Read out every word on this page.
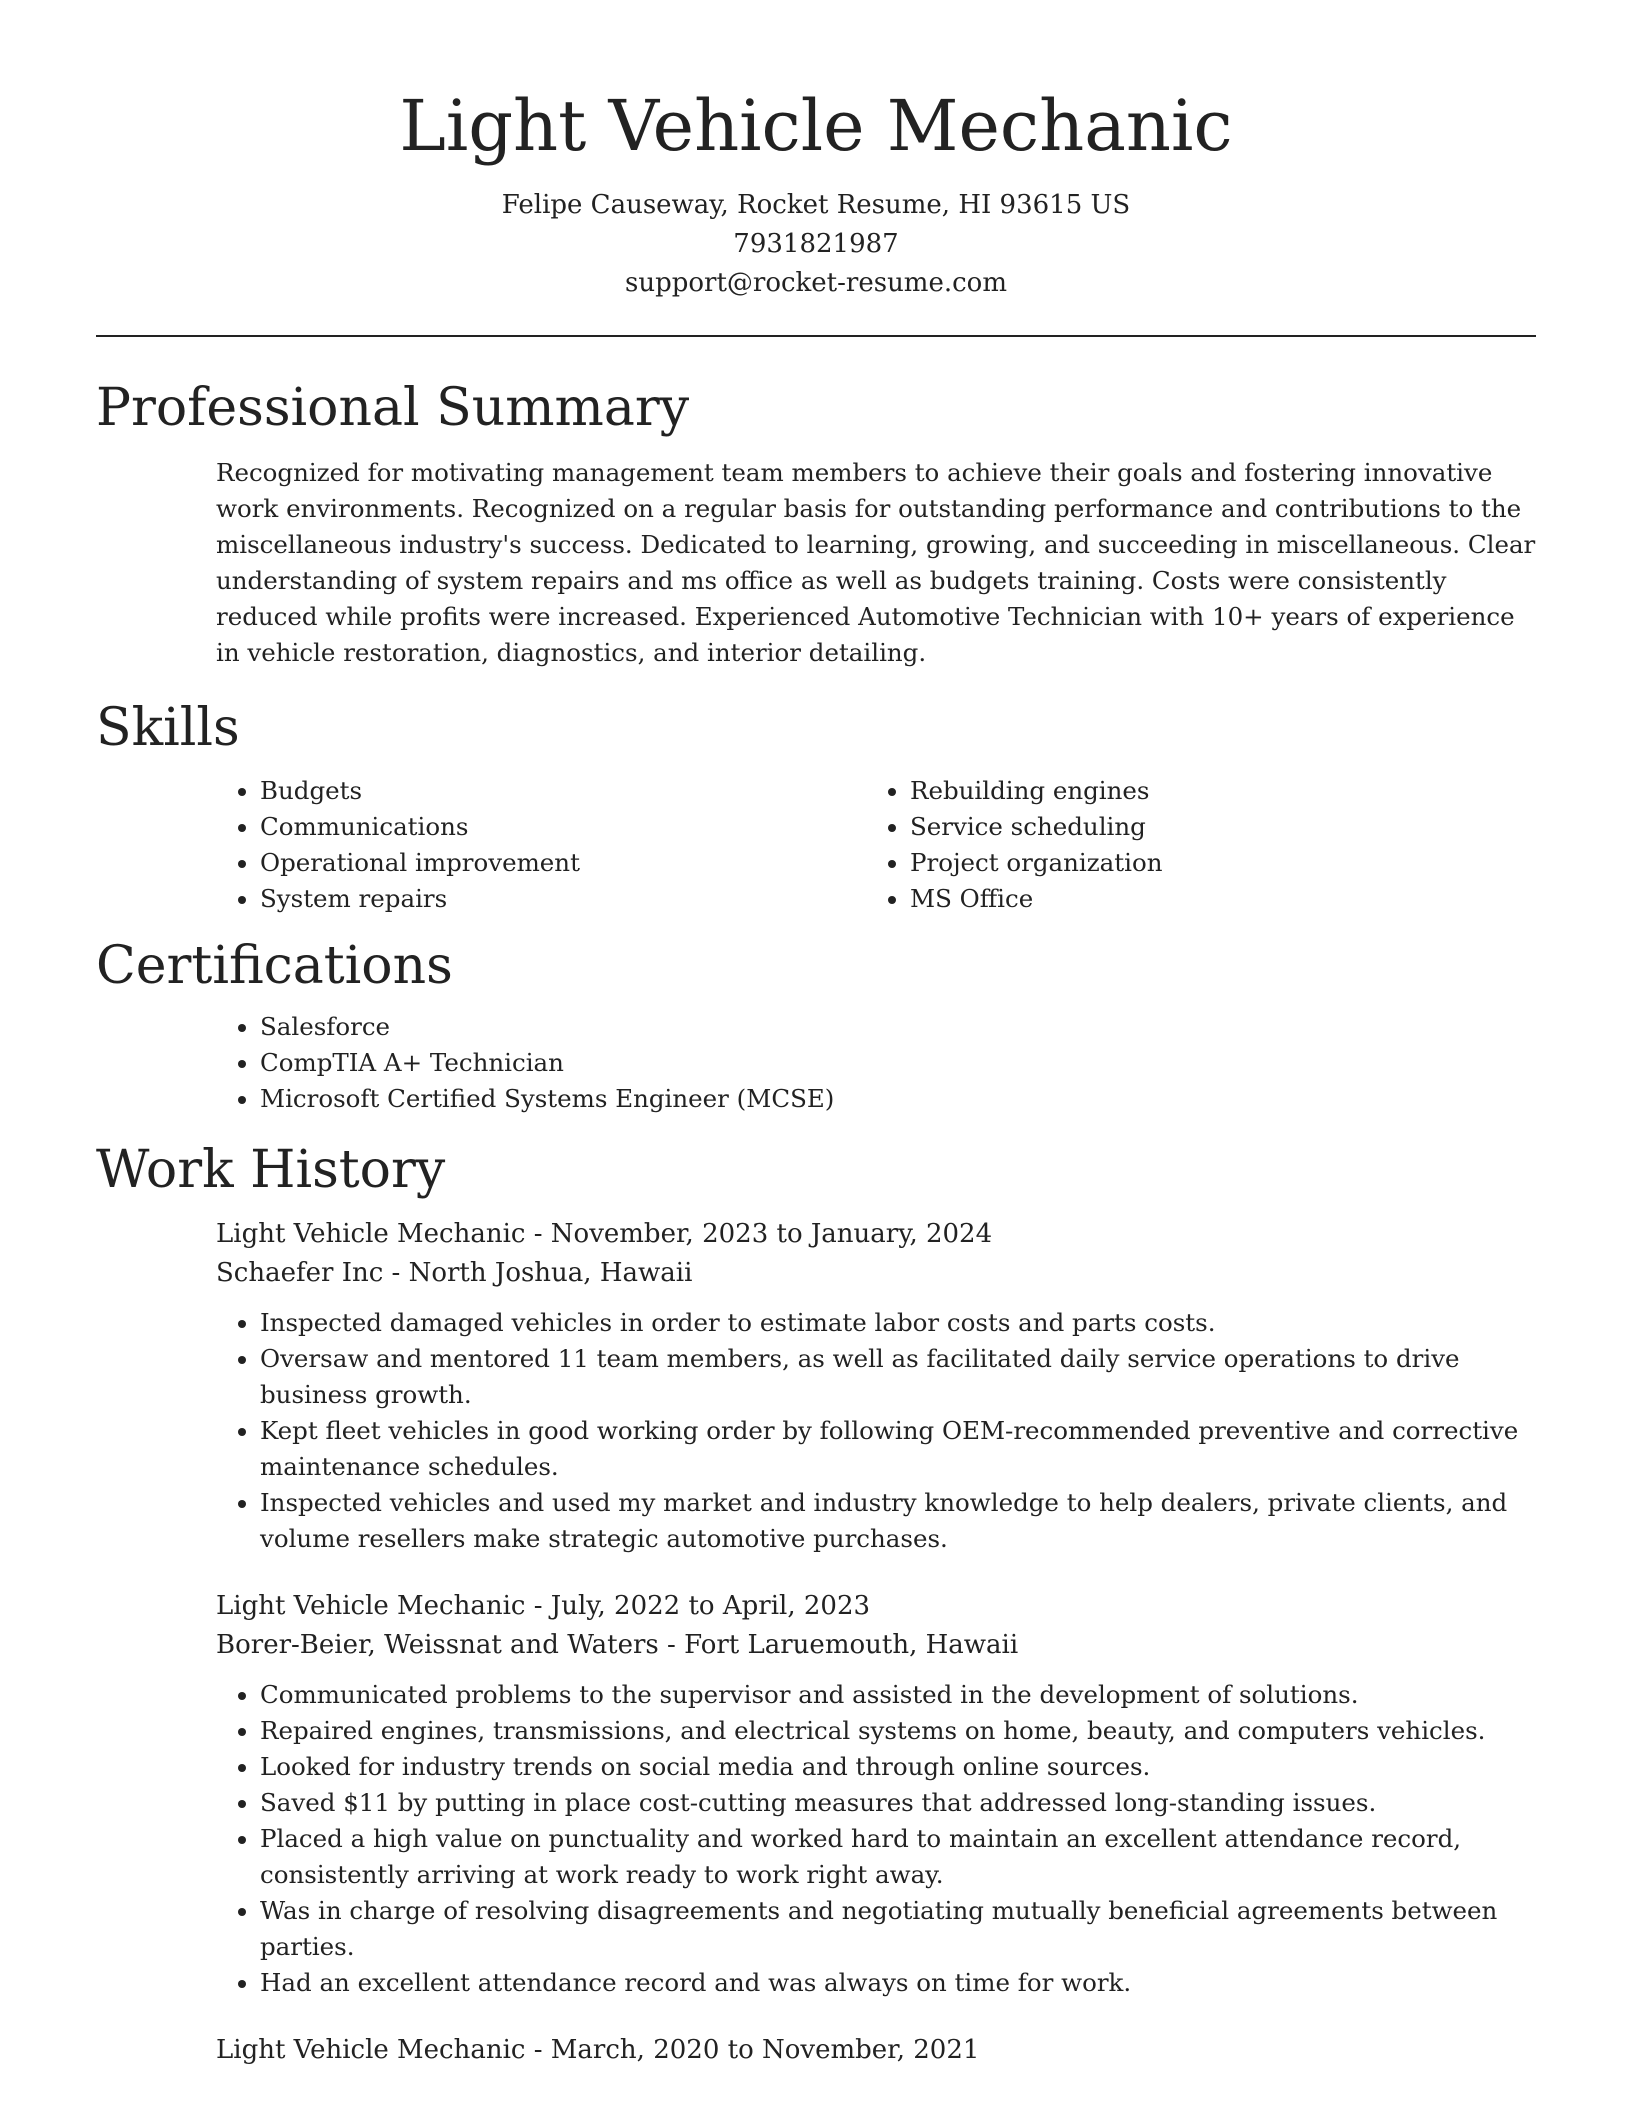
Light Vehicle Mechanic
Felipe Causeway, Rocket Resume, HI 93615 US
7931821987
support@rocket-resume.com
Professional Summary

Recognized for motivating management team members to achieve their goals and fostering innovative work environments. Recognized on a regular basis for outstanding performance and contributions to the miscellaneous industry's success. Dedicated to learning, growing, and succeeding in miscellaneous. Clear understanding of system repairs and ms office as well as budgets training. Costs were consistently reduced while profits were increased. Experienced Automotive Technician with 10+ years of experience in vehicle restoration, diagnostics, and interior detailing.

Skills
• Budgets
• Communications
• Operational improvement
• System repairs
• Rebuilding engines
• Service scheduling
• Project organization
• MS Office
Certifications
• Salesforce
• CompTIA A+ Technician
• Microsoft Certified Systems Engineer (MCSE)
Work History
Light Vehicle Mechanic - November, 2023 to January, 2024
Schaefer Inc - North Joshua, Hawaii
• Inspected damaged vehicles in order to estimate labor costs and parts costs.
• Oversaw and mentored 11 team members, as well as facilitated daily service operations to drive business growth.
• Kept fleet vehicles in good working order by following OEM-recommended preventive and corrective maintenance schedules.
• Inspected vehicles and used my market and industry knowledge to help dealers, private clients, and volume resellers make strategic automotive purchases.
Light Vehicle Mechanic - July, 2022 to April, 2023
Borer-Beier, Weissnat and Waters - Fort Laruemouth, Hawaii
• Communicated problems to the supervisor and assisted in the development of solutions.
• Repaired engines, transmissions, and electrical systems on home, beauty, and computers vehicles.
• Looked for industry trends on social media and through online sources.
• Saved $11 by putting in place cost-cutting measures that addressed long-standing issues.
• Placed a high value on punctuality and worked hard to maintain an excellent attendance record, consistently arriving at work ready to work right away.
• Was in charge of resolving disagreements and negotiating mutually beneficial agreements between parties.
• Had an excellent attendance record and was always on time for work.
Light Vehicle Mechanic - March, 2020 to November, 2021
